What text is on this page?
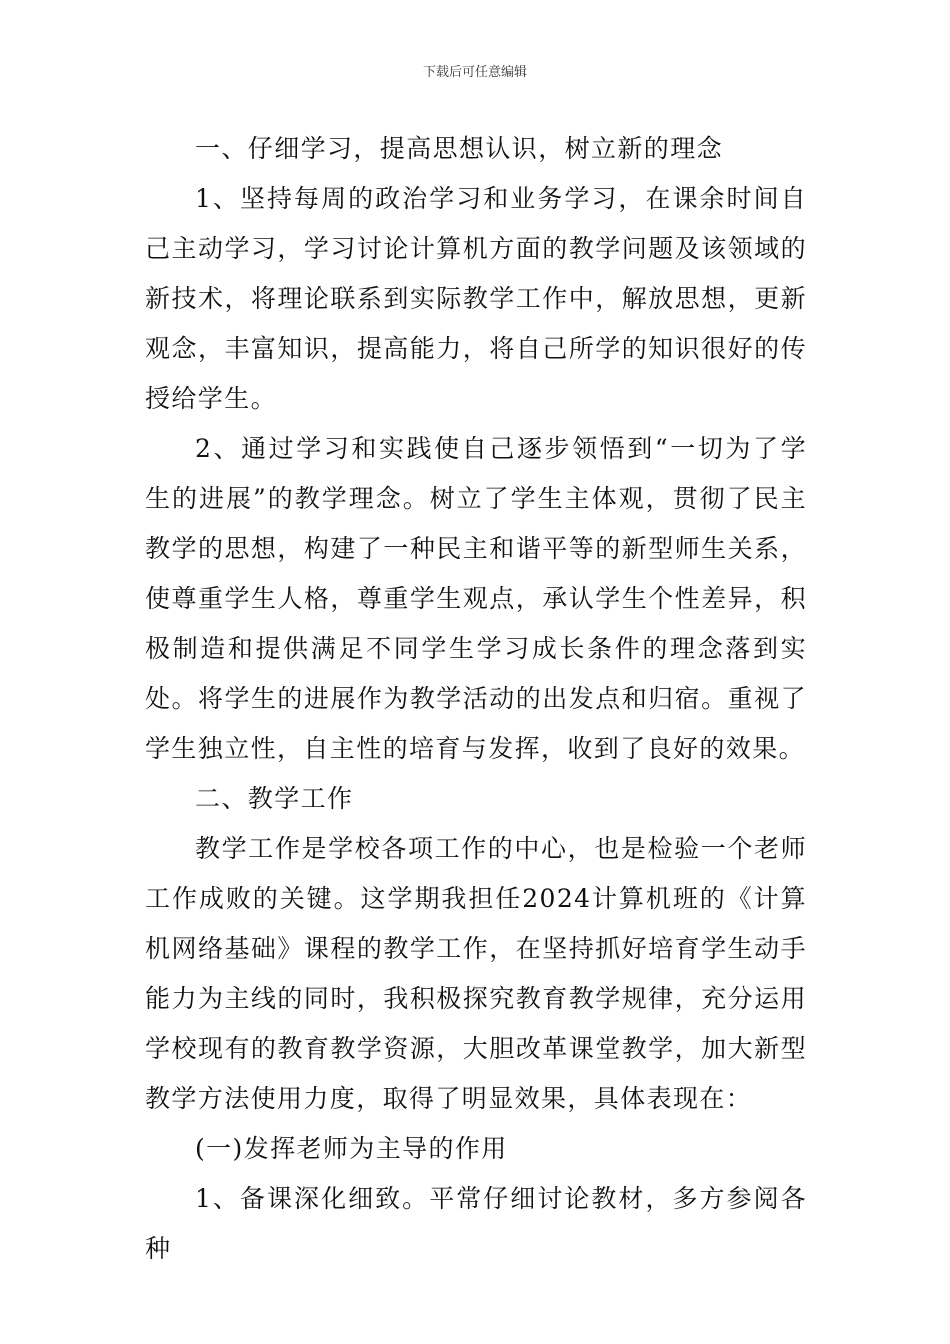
下载后可任意编辑

一、仔细学习，提高思想认识，树立新的理念

1、坚持每周的政治学习和业务学习，在课余时间自己主动学习，学习讨论计算机方面的教学问题及该领域的新技术，将理论联系到实际教学工作中，解放思想，更新观念，丰富知识，提高能力，将自己所学的知识很好的传授给学生。

2、通过学习和实践使自己逐步领悟到“一切为了学生的进展”的教学理念。树立了学生主体观，贯彻了民主教学的思想，构建了一种民主和谐平等的新型师生关系，使尊重学生人格，尊重学生观点，承认学生个性差异，积极制造和提供满足不同学生学习成长条件的理念落到实处。将学生的进展作为教学活动的出发点和归宿。重视了学生独立性，自主性的培育与发挥，收到了良好的效果。

二、教学工作

教学工作是学校各项工作的中心，也是检验一个老师工作成败的关键。这学期我担任2024计算机班的《计算机网络基础》课程的教学工作，在坚持抓好培育学生动手能力为主线的同时，我积极探究教育教学规律，充分运用学校现有的教育教学资源，大胆改革课堂教学，加大新型教学方法使用力度，取得了明显效果，具体表现在：

(一)发挥老师为主导的作用

1、备课深化细致。平常仔细讨论教材，多方参阅各种
